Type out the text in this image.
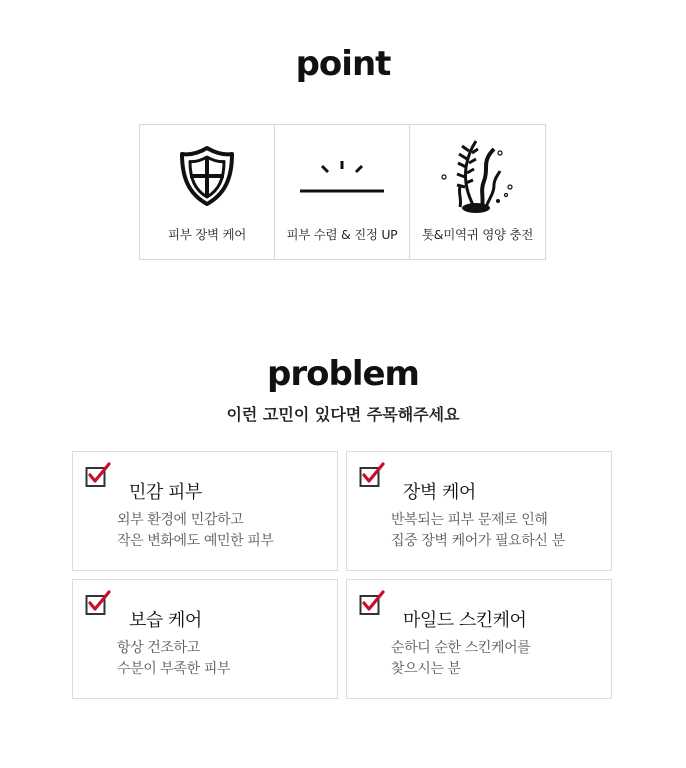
point
피부 장벽 케어	피부 수렴 & 진정 UP	톳&미역귀 영양 충전
problem
이런 고민이 있다면 주목해주세요
민감 피부
외부 환경에 민감하고
작은 변화에도 예민한 피부
장벽 케어
반복되는 피부 문제로 인해
집중 장벽 케어가 필요하신 분
보습 케어
항상 건조하고
수분이 부족한 피부
마일드 스킨케어
순하디 순한 스킨케어를
찾으시는 분
